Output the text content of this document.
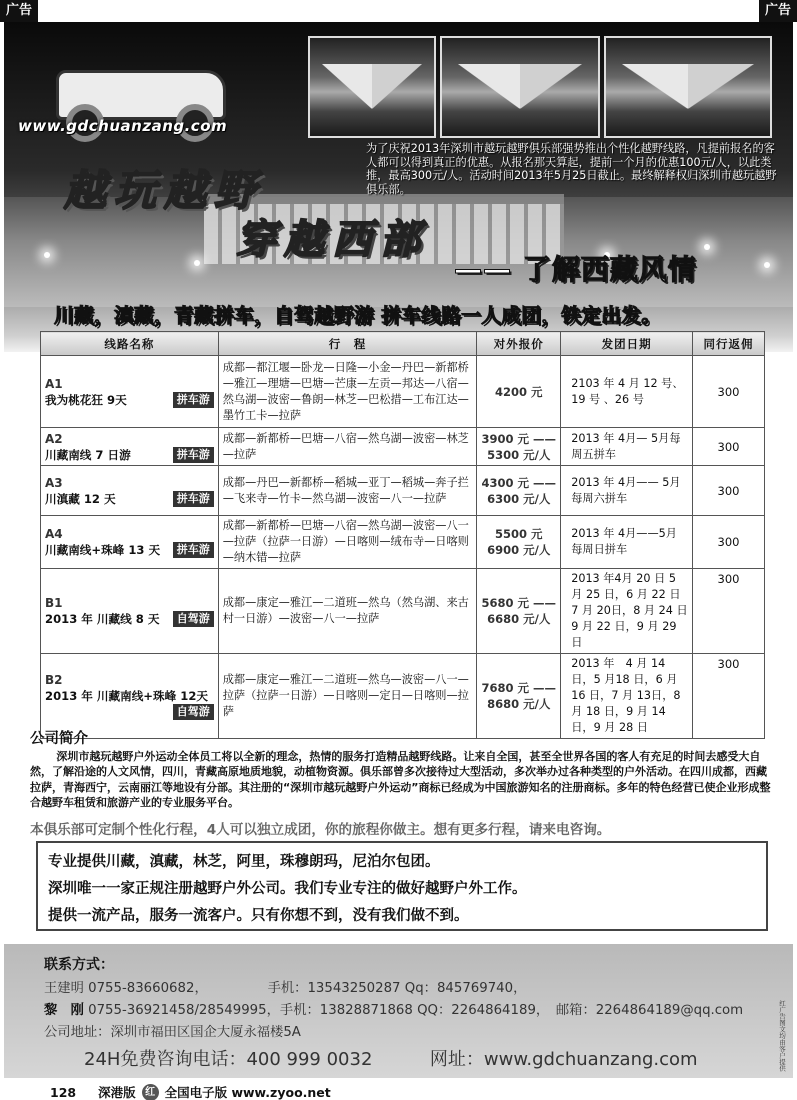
广告	广告
www.gdchuanzang.com
为了庆祝2013年深圳市越玩越野俱乐部强势推出个性化越野线路，凡提前报名的客人都可以得到真正的优惠。从报名那天算起，提前一个月的优惠100元/人，以此类推，最高300元/人。活动时间2013年5月25日截止。最终解释权归深圳市越玩越野俱乐部。
越玩越野
穿越西部
—— 了解西藏风情
川藏，滇藏，青藏拼车，自驾越野游 拼车线路一人成团，铁定出发。
线路名称	行　程	对外报价	发团日期	同行返佣

A1
我为桃花狂 9天 拼车游	成都—都江堰—卧龙—日隆—小金—丹巴—新都桥—雅江—理塘—巴塘—芒康—左贡—邦达—八宿—然乌湖—波密—鲁朗—林芝—巴松措—工布江达—墨竹工卡—拉萨	4200 元	2103 年 4 月 12 号、19 号 、26 号	300

A2
川藏南线 7 日游 拼车游	成都—新都桥—巴塘—八宿—然乌湖—波密—林芝—拉萨	3900 元 —— 5300 元/人	2013 年 4月— 5月每周五拼车	300

A3
川滇藏 12 天 拼车游	成都—丹巴—新都桥—稻城—亚丁—稻城—奔子拦—飞来寺—竹卡—然乌湖—波密—八一—拉萨	4300 元 —— 6300 元/人	2013 年 4月—— 5月每周六拼车	300

A4
川藏南线+珠峰 13 天 拼车游	成都—新都桥—巴塘—八宿—然乌湖—波密—八一—拉萨（拉萨一日游）—日喀则—绒布寺—日喀则—纳木错—拉萨	5500 元 6900 元/人	2013 年 4月——5月每周日拼车	300

B1
2013 年 川藏线 8 天 自驾游	成都—康定—雅江—二道班—然乌（然乌湖、来古村一日游）—波密—八一—拉萨	5680 元 —— 6680 元/人	2013 年4月 20 日 5 月 25 日，6 月 22 日 7 月 20日，8 月 24 日 9 月 22 日，9 月 29 日	300

B2
2013 年 川藏南线+珠峰 12天
自驾游	成都—康定—雅江—二道班—然乌—波密—八一—拉萨（拉萨一日游）—日喀则—定日—日喀则—拉萨	7680 元 —— 8680 元/人	2013 年　4 月 14 日，5 月18 日，6 月 16 日，7 月 13日，8 月 18 日，9 月 14日，9 月 28 日	300
公司简介
深圳市越玩越野户外运动全体员工将以全新的理念，热情的服务打造精品越野线路。让来自全国，甚至全世界各国的客人有充足的时间去感受大自然，了解沿途的人文风情，四川，青藏高原地质地貌，动植物资源。俱乐部曾多次接待过大型活动，多次举办过各种类型的户外活动。在四川成都，西藏拉萨，青海西宁，云南丽江等地设有分部。其注册的“深圳市越玩越野户外运动”商标已经成为中国旅游知名的注册商标。多年的特色经营已使企业形成整合越野车租赁和旅游产业的专业服务平台。
本俱乐部可定制个性化行程，4人可以独立成团，你的旅程你做主。想有更多行程，请来电咨询。

专业提供川藏，滇藏，林芝，阿里，珠穆朗玛，尼泊尔包团。

深圳唯一一家正规注册越野户外公司。我们专业专注的做好越野户外工作。

提供一流产品，服务一流客户。只有你想不到，没有我们做不到。

联系方式：
王建明 0755-83660682，　　　　　手机：13543250287 Qq：845769740，
黎　刚 0755-36921458/28549995，手机：13828871868 QQ：2264864189，　邮箱：2264864189@qq.com
公司地址：深圳市福田区国企大厦永福楼5A
24H免费咨询电话：400 999 0032	网址：www.gdchuanzang.com	红广告图文均由客户提供
128 深港版 红 全国电子版 www.zyoo.net
